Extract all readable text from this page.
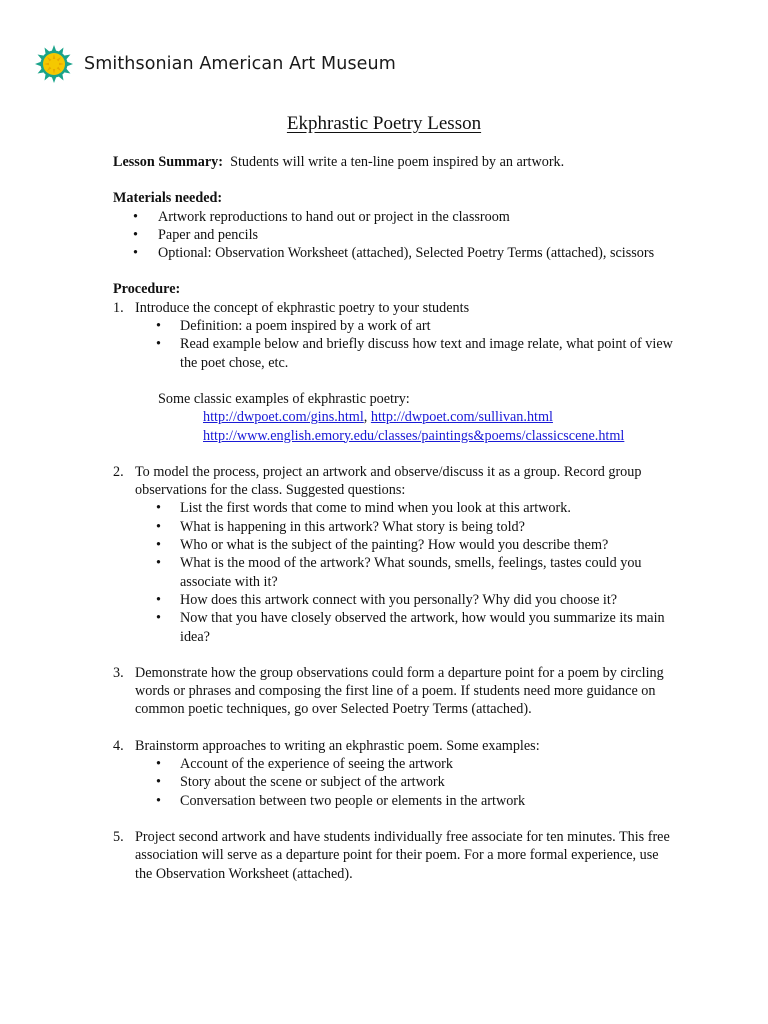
Smithsonian American Art Museum
Ekphrastic Poetry Lesson

Lesson Summary: Students will write a ten-line poem inspired by an artwork.

Materials needed:

• Artwork reproductions to hand out or project in the classroom
• Paper and pencils
• Optional: Observation Worksheet (attached), Selected Poetry Terms (attached), scissors

Procedure:

1. Introduce the concept of ekphrastic poetry to your students

• Definition: a poem inspired by a work of art
• Read example below and briefly discuss how text and image relate, what point of view the poet chose, etc.

Some classic examples of ekphrastic poetry:

http://dwpoet.com/gins.html, http://dwpoet.com/sullivan.html
http://www.english.emory.edu/classes/paintings&poems/classicscene.html
2. To model the process, project an artwork and observe/discuss it as a group. Record group observations for the class. Suggested questions:

• List the first words that come to mind when you look at this artwork.
• What is happening in this artwork? What story is being told?
• Who or what is the subject of the painting? How would you describe them?
• What is the mood of the artwork? What sounds, smells, feelings, tastes could you associate with it?
• How does this artwork connect with you personally? Why did you choose it?
• Now that you have closely observed the artwork, how would you summarize its main idea?
3. Demonstrate how the group observations could form a departure point for a poem by circling words or phrases and composing the first line of a poem. If students need more guidance on common poetic techniques, go over Selected Poetry Terms (attached).

4. Brainstorm approaches to writing an ekphrastic poem. Some examples:

• Account of the experience of seeing the artwork
• Story about the scene or subject of the artwork
• Conversation between two people or elements in the artwork
5. Project second artwork and have students individually free associate for ten minutes. This free association will serve as a departure point for their poem. For a more formal experience, use the Observation Worksheet (attached).
